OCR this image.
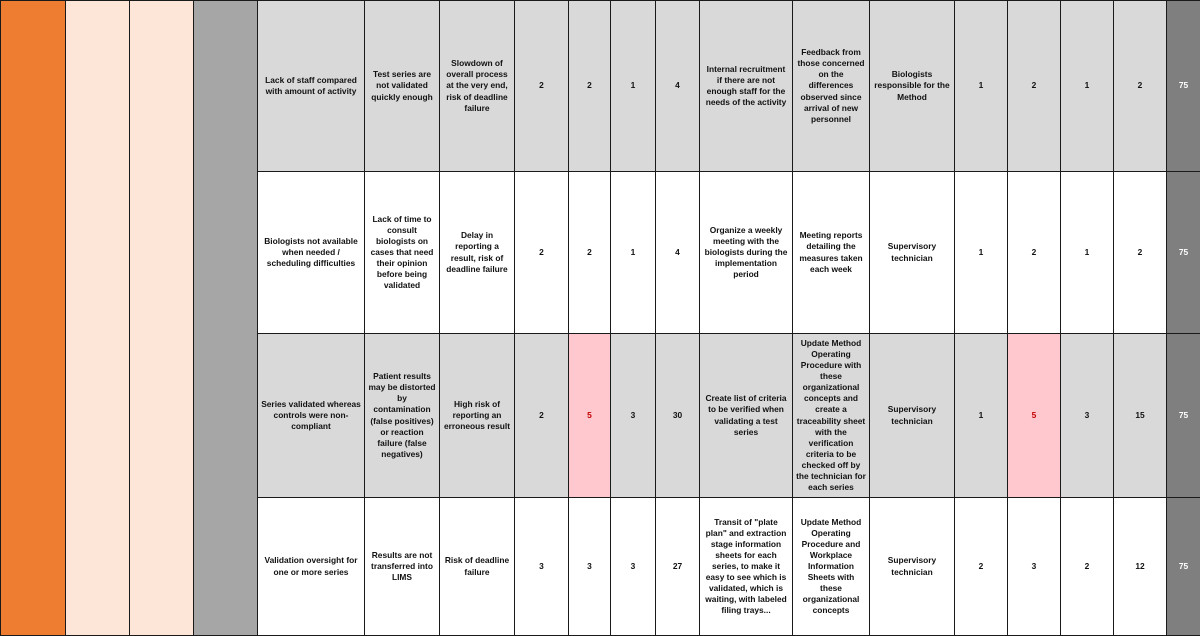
				Lack of staff compared with amount of activity	Test series are not validated quickly enough	Slowdown of overall process at the very end, risk of deadline failure	2	2	1	4	Internal recruitment if there are not enough staff for the needs of the activity	Feedback from those concerned on the differences observed since arrival of new personnel	Biologists responsible for the Method	1	2	1	2	75
				Biologists not available when needed / scheduling difficulties	Lack of time to consult biologists on cases that need their opinion before being validated	Delay in reporting a result, risk of deadline failure	2	2	1	4	Organize a weekly meeting with the biologists during the implementation period	Meeting reports detailing the measures taken each week	Supervisory technician	1	2	1	2	75
				Series validated whereas controls were non-compliant	Patient results may be distorted by contamination (false positives) or reaction failure (false negatives)	High risk of reporting an erroneous result	2	5	3	30	Create list of criteria to be verified when validating a test series	Update Method Operating Procedure with these organizational concepts and create a traceability sheet with the verification criteria to be checked off by the technician for each series	Supervisory technician	1	5	3	15	75
				Validation oversight for one or more series	Results are not transferred into LIMS	Risk of deadline failure	3	3	3	27	Transit of "plate plan" and extraction stage information sheets for each series, to make it easy to see which is validated, which is waiting, with labeled filing trays...	Update Method Operating Procedure and Workplace Information Sheets with these organizational concepts	Supervisory technician	2	3	2	12	75
